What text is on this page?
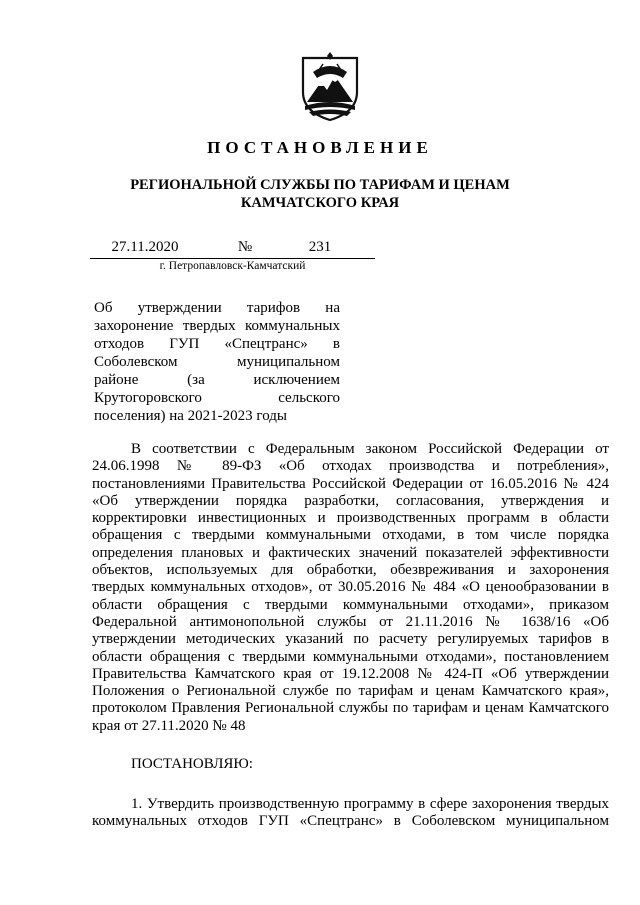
ПОСТАНОВЛЕНИЕ
РЕГИОНАЛЬНОЙ СЛУЖБЫ ПО ТАРИФАМ И ЦЕНАМ
КАМЧАТСКОГО КРАЯ
27.11.2020	№	231
г. Петропавловск-Камчатский
Об утверждении тарифов на
захоронение твердых коммунальных
отходов ГУП «Спецтранс» в
Соболевском муниципальном
районе (за исключением
Крутогоровского сельского
поселения) на 2021-2023 годы
В соответствии с Федеральным законом Российской Федерации от
24.06.1998 № 89-ФЗ «Об отходах производства и потребления»,
постановлениями Правительства Российской Федерации от 16.05.2016 № 424
«Об утверждении порядка разработки, согласования, утверждения и
корректировки инвестиционных и производственных программ в области
обращения с твердыми коммунальными отходами, в том числе порядка
определения плановых и фактических значений показателей эффективности
объектов, используемых для обработки, обезвреживания и захоронения
твердых коммунальных отходов», от 30.05.2016 № 484 «О ценообразовании в
области обращения с твердыми коммунальными отходами», приказом
Федеральной антимонопольной службы от 21.11.2016 № 1638/16 «Об
утверждении методических указаний по расчету регулируемых тарифов в
области обращения с твердыми коммунальными отходами», постановлением
Правительства Камчатского края от 19.12.2008 № 424-П «Об утверждении
Положения о Региональной службе по тарифам и ценам Камчатского края»,
протоколом Правления Региональной службы по тарифам и ценам Камчатского
края от 27.11.2020 № 48
ПОСТАНОВЛЯЮ:
1. Утвердить производственную программу в сфере захоронения твердых
коммунальных отходов ГУП «Спецтранс» в Соболевском муниципальном
